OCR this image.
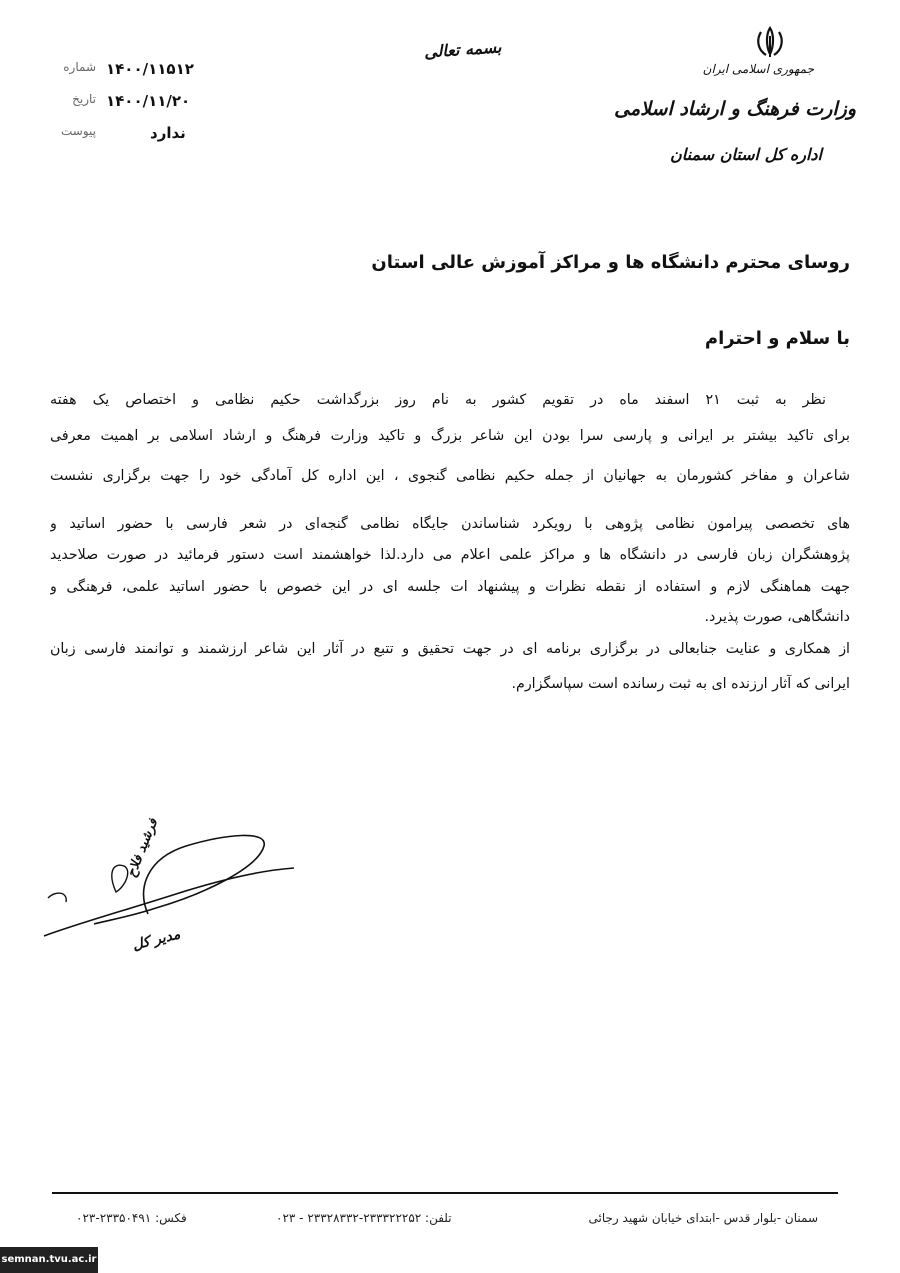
جمهوری اسلامی ایران
وزارت فرهنگ و ارشاد اسلامی
اداره کل استان سمنان
بسمه تعالی
۱۴۰۰/۱۱۵۱۲
شماره
۱۴۰۰/۱۱/۲۰
تاریخ
ندارد
پیوست
روسای محترم دانشگاه ها و مراکز آموزش عالی استان
با سلام و احترام
نظر به ثبت ۲۱ اسفند ماه در تقویم کشور به نام روز بزرگداشت حکیم نظامی و اختصاص یک هفته
برای تاکید بیشتر بر ایرانی و پارسی سرا بودن این شاعر بزرگ و تاکید وزارت فرهنگ و ارشاد اسلامی بر اهمیت معرفی
شاعران و مفاخر کشورمان به جهانیان از جمله حکیم نظامی گنجوی ، این اداره کل آمادگی خود را جهت برگزاری نشست
های تخصصی پیرامون نظامی پژوهی با رویکرد شناساندن جایگاه نظامی گنجه‌ای در شعر فارسی با حضور اساتید و
پژوهشگران زبان فارسی در دانشگاه ها و مراکز علمی اعلام می دارد.لذا خواهشمند است دستور فرمائید در صورت صلاحدید
جهت هماهنگی لازم و استفاده از نقطه نظرات و پیشنهاد ات جلسه ای در این خصوص با حضور اساتید علمی، فرهنگی و
دانشگاهی، صورت پذیرد.
از همکاری و عنایت جنابعالی در برگزاری برنامه ای در جهت تحقیق و تتبع در آثار این شاعر ارزشمند و توانمند فارسی زبان
ایرانی که آثار ارزنده ای به ثبت رسانده است سپاسگزارم.
فرشید فلاح
مدیر کل
سمنان -بلوار قدس -ابتدای خیابان شهید رجائی
تلفن: ۲۳۳۳۲۲۲۵۲-۲۳۳۲۸۳۳۲ - ۰۲۳
فکس: ۲۳۳۵۰۴۹۱-۰۲۳
semnan.tvu.ac.ir
